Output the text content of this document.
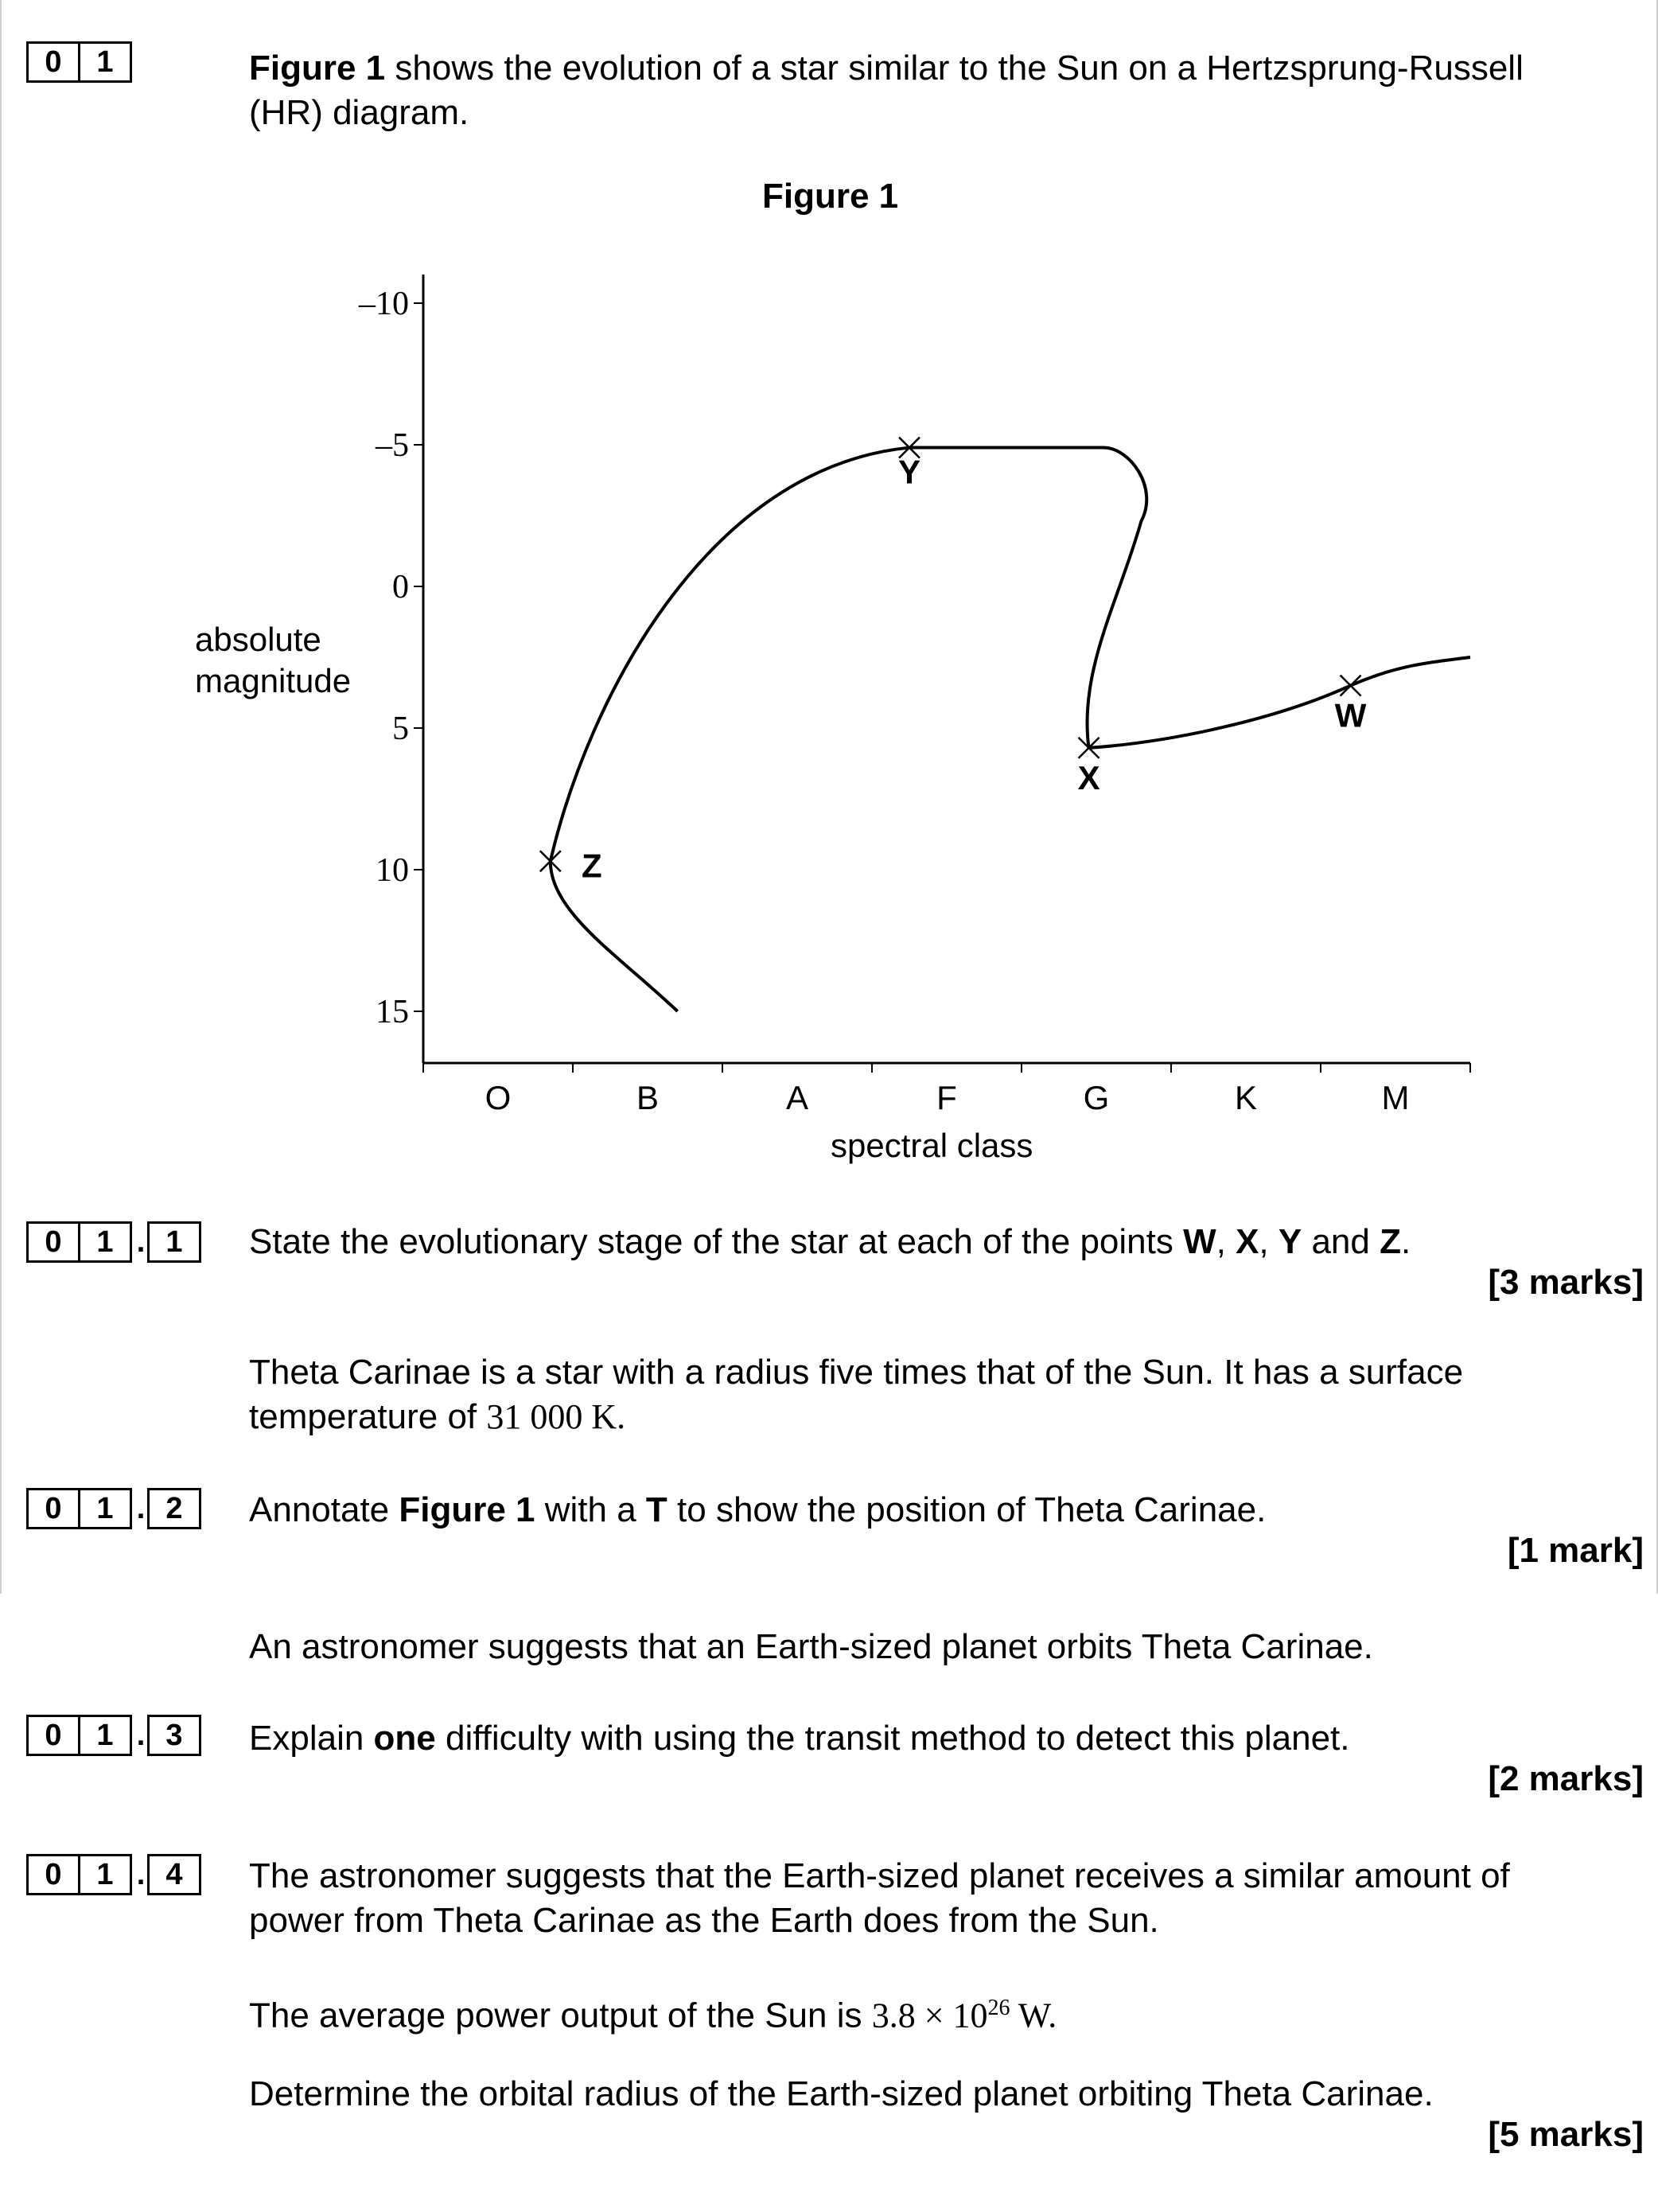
0	1	Figure 1 shows the evolution of a star similar to the Sun on a Hertzsprung-Russell
(HR) diagram.
Figure 1
–10
–5
0
5
10
15
O	B	A	F	G	K	M
spectral class
absolute
magnitude
W
X
Y
Z
0	1 . 1	State the evolutionary stage of the star at each of the points W, X, Y and Z.
[3 marks]
Theta Carinae is a star with a radius five times that of the Sun. It has a surface
temperature of 31 000 K.
0	1 . 2	Annotate Figure 1 with a T to show the position of Theta Carinae.
[1 mark]
An astronomer suggests that an Earth-sized planet orbits Theta Carinae.
0	1 . 3	Explain one difficulty with using the transit method to detect this planet.
[2 marks]
0	1 . 4	The astronomer suggests that the Earth-sized planet receives a similar amount of
power from Theta Carinae as the Earth does from the Sun.
The average power output of the Sun is $3.8 \times 10^{26}$ W.
Determine the orbital radius of the Earth-sized planet orbiting Theta Carinae.
[5 marks]
